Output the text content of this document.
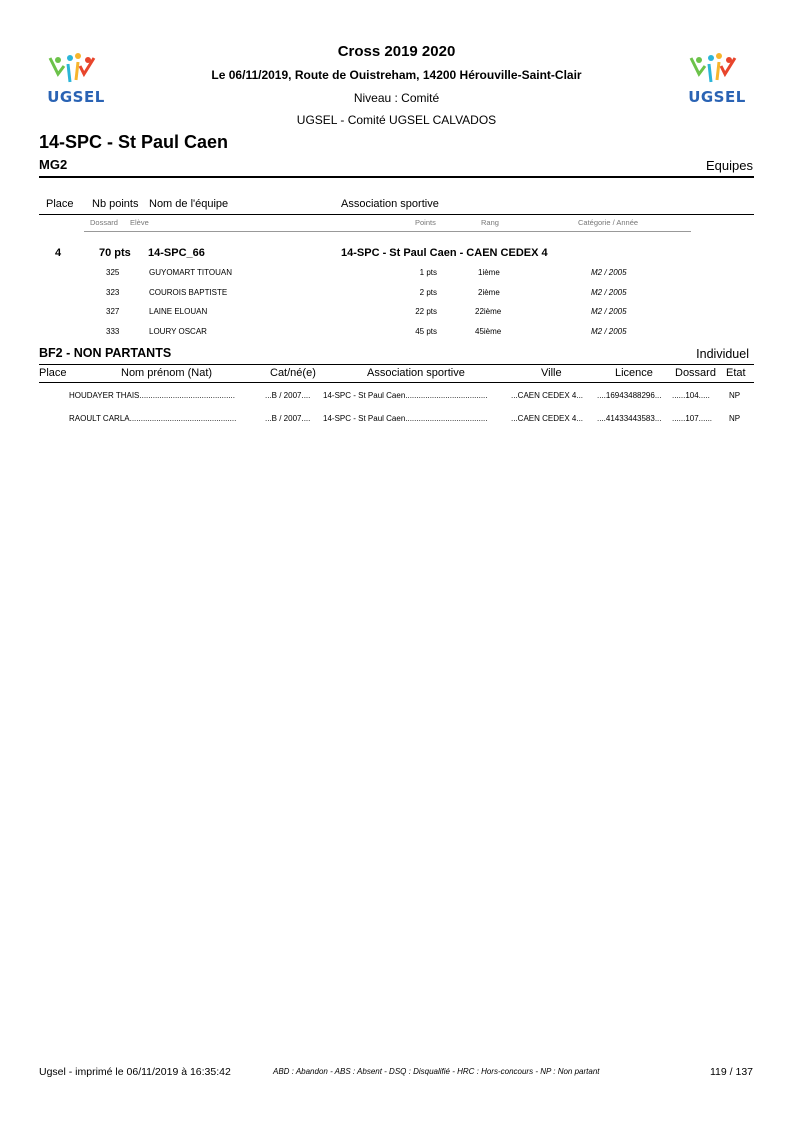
UGSEL	UGSEL
Cross 2019 2020
Le 06/11/2019, Route de Ouistreham, 14200 Hérouville-Saint-Clair
Niveau : Comité
UGSEL - Comité UGSEL CALVADOS
14-SPC - St Paul Caen
MG2	Equipes
Place Nb points Nom de l'équipe	Association sportive
Dossard Elève	Points	Rang	Catégorie / Année
4	70 pts 14-SPC_66	14-SPC - St Paul Caen - CAEN CEDEX 4
325	GUYOMART TITOUAN	1 pts	1ième	M2 / 2005
323	COUROIS BAPTISTE	2 pts	2ième	M2 / 2005
327	LAINE ELOUAN	22 pts	22ième	M2 / 2005
333	LOURY OSCAR	45 pts	45ième	M2 / 2005
BF2 - NON PARTANTS	Individuel
Place	Nom prénom (Nat)	Cat/né(e)	Association sportive	Ville	Licence Dossard Etat
HOUDAYER THAIS...........................................	...B / 2007.... 14-SPC - St Paul Caen.....................................	...CAEN CEDEX 4... ....16943488296... ......104..... NP
RAOULT CARLA................................................	...B / 2007.... 14-SPC - St Paul Caen.....................................	...CAEN CEDEX 4... ....41433443583... ......107...... NP
Ugsel - imprimé le 06/11/2019 à 16:35:42	ABD : Abandon - ABS : Absent - DSQ : Disqualifié - HRC : Hors-concours - NP : Non partant	119 / 137
